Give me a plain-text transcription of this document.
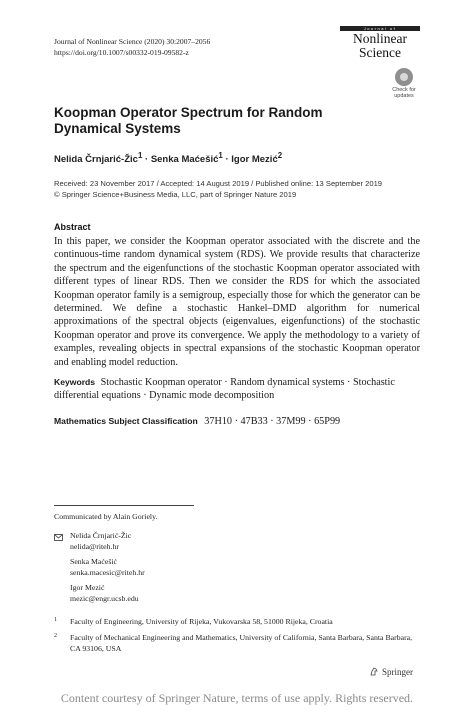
Journal of Nonlinear Science (2020) 30:2007–2056
https://doi.org/10.1007/s00332-019-09582-z
Journal of
Nonlinear
Science
Check for
updates
Koopman Operator Spectrum for Random Dynamical Systems
Nelida Črnjarić-Žic$^1$ · Senka Maćešić$^1$ · Igor Mezić$^2$
Received: 23 November 2017 / Accepted: 14 August 2019 / Published online: 13 September 2019
© Springer Science+Business Media, LLC, part of Springer Nature 2019
Abstract
In this paper, we consider the Koopman operator associated with the discrete and the continuous-time random dynamical system (RDS). We provide results that characterize the spectrum and the eigenfunctions of the stochastic Koopman operator associated with different types of linear RDS. Then we consider the RDS for which the associated Koopman operator family is a semigroup, especially those for which the generator can be determined. We define a stochastic Hankel–DMD algorithm for numerical approximations of the spectral objects (eigenvalues, eigenfunctions) of the stochastic Koopman operator and prove its convergence. We apply the methodology to a variety of examples, revealing objects in spectral expansions of the stochastic Koopman operator and enabling model reduction.
Keywords Stochastic Koopman operator · Random dynamical systems · Stochastic differential equations · Dynamic mode decomposition
Mathematics Subject Classification 37H10 · 47B33 · 37M99 · 65P99
Communicated by Alain Goriely.
Nelida Črnjarić-Žic
nelida@riteh.hr
Senka Maćešić
senka.macesic@riteh.hr
Igor Mezić
mezic@engr.ucsb.edu
1 Faculty of Engineering, University of Rijeka, Vukovarska 58, 51000 Rijeka, Croatia
2 Faculty of Mechanical Engineering and Mathematics, University of California, Santa Barbara, Santa Barbara, CA 93106, USA
Springer
Content courtesy of Springer Nature, terms of use apply. Rights reserved.
